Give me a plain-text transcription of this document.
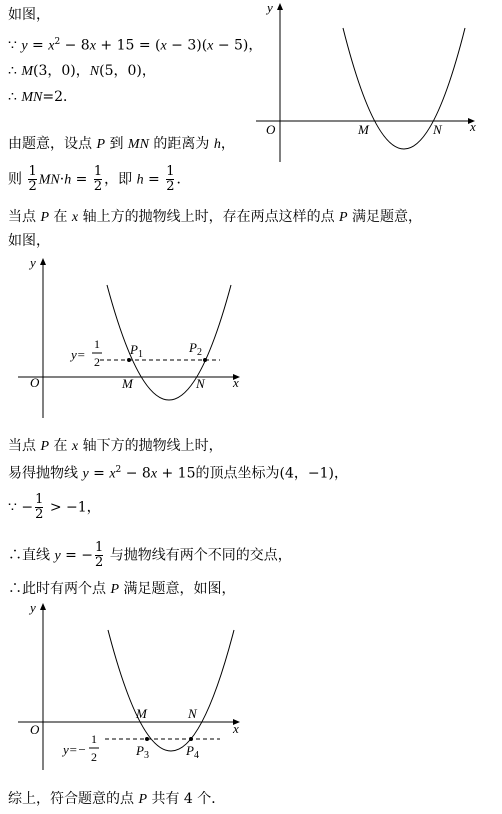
如图，
∵ $y = x^2 - 8x + 15 = (x - 3)(x - 5)$，
∴ M(3，0)，N(5，0)，
∴ MN=2．
由题意，设点 P 到 MN 的距离为 h，
则 $\frac{1}{2} MN\cdot h = \frac{1}{2}$ ，即 $h = \frac{1}{2}$ ．
当点 P 在 x 轴上方的抛物线上时，存在两点这样的点 P 满足题意，
如图，
当点 P 在 x 轴下方的抛物线上时，
易得抛物线 $y = x^2 - 8x + 15$的顶点坐标为(4，−1)，
∵ − $\frac{1}{2} > -1$，
∴直线 y = − $\frac{1}{2}$ 与抛物线有两个不同的交点，
∴此时有两个点 P 满足题意，如图，
综上，符合题意的点 P 共有 4 个．
y
x
O	M	N
y
x
O	M	N
$P_1$	$P_2$
y=
1
2
y
x
O
M	N
$P_3$	$P_4$
y=−
1
2
